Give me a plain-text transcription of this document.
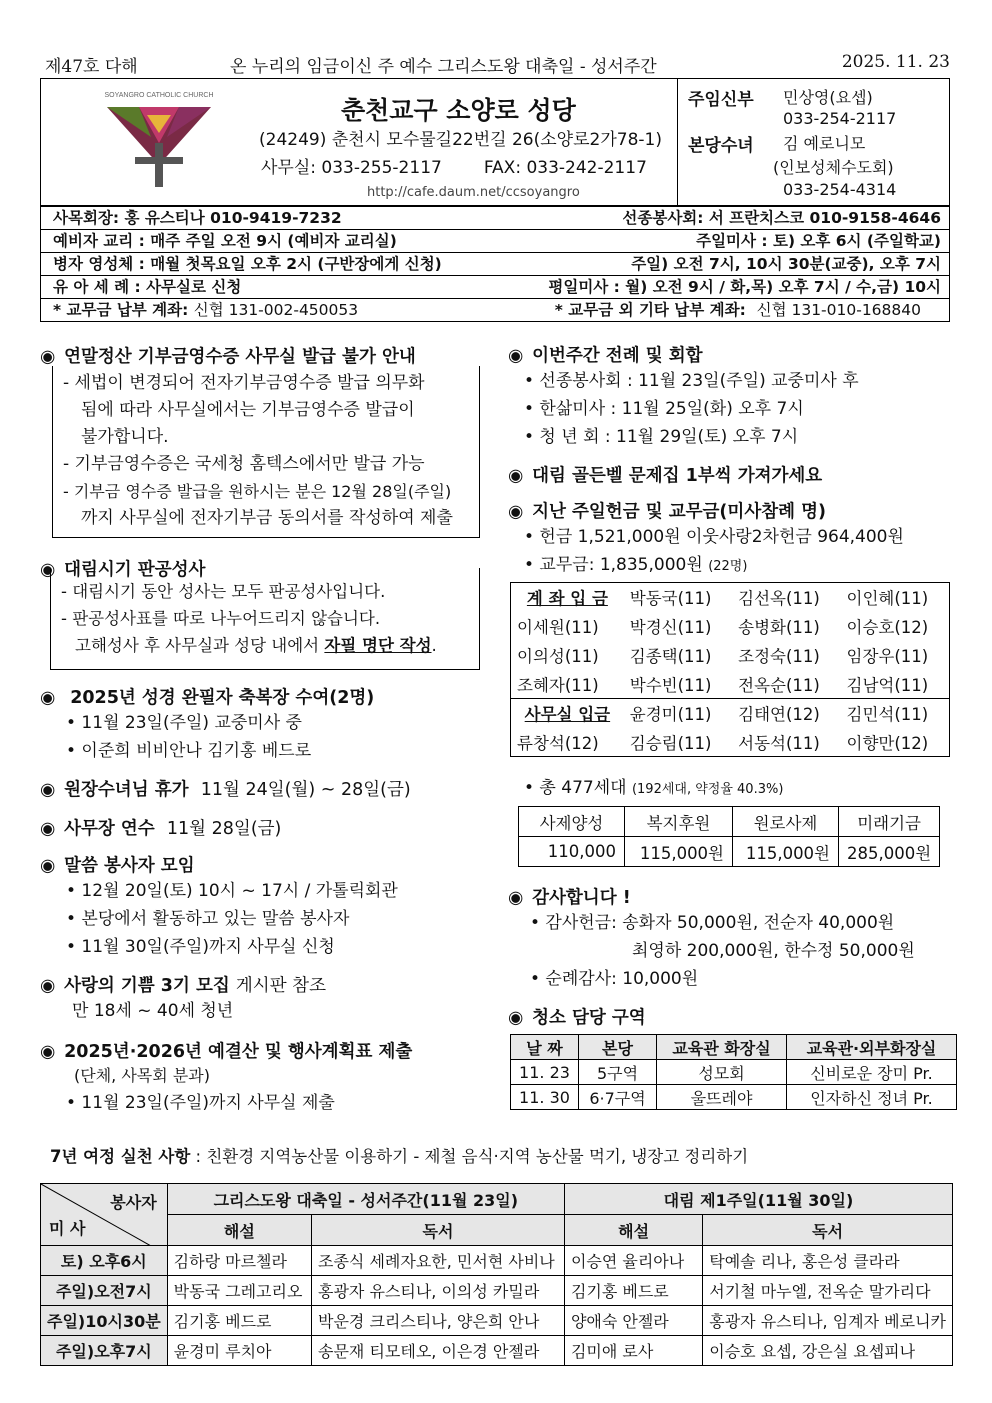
제47호 다해	온 누리의 임금이신 주 예수 그리스도왕 대축일 - 성서주간	2025. 11. 23
SOYANGRO CATHOLIC CHURCH
춘천교구 소양로 성당
(24249) 춘천시 모수물길22번길 26(소양로2가78-1)
사무실: 033-255-2117 FAX: 033-242-2117
http://cafe.daum.net/ccsoyangro
주임신부 민상영(요셉)
033-254-2117
본당수녀 김 예로니모
(인보성체수도회)
033-254-4314
사목회장: 홍 유스티나 010-9419-7232	선종봉사회: 서 프란치스코 010-9158-4646
예비자 교리 : 매주 주일 오전 9시 (예비자 교리실)	주일미사 : 토) 오후 6시 (주일학교)
병자 영성체 : 매월 첫목요일 오후 2시 (구반장에게 신청)	주일) 오전 7시, 10시 30분(교중), 오후 7시
유 아 세 례 : 사무실로 신청	평일미사 : 월) 오전 9시 / 화,목) 오후 7시 / 수,금) 10시
* 교무금 납부 계좌: 신협 131-002-450053	* 교무금 외 기타 납부 계좌: 신협 131-010-168840
◉ 연말정산 기부금영수증 사무실 발급 불가 안내
- 세법이 변경되어 전자기부금영수증 발급 의무화
됨에 따라 사무실에서는 기부금영수증 발급이
불가합니다.
- 기부금영수증은 국세청 홈텍스에서만 발급 가능
- 기부금 영수증 발급을 원하시는 분은 12월 28일(주일)
까지 사무실에 전자기부금 동의서를 작성하여 제출
◉ 대림시기 판공성사
- 대림시기 동안 성사는 모두 판공성사입니다.
- 판공성사표를 따로 나누어드리지 않습니다.
고해성사 후 사무실과 성당 내에서 자필 명단 작성.
◉ 2025년 성경 완필자 축복장 수여(2명)
• 11월 23일(주일) 교중미사 중
• 이준희 비비안나 김기홍 베드로
◉ 원장수녀님 휴가 11월 24일(월) ~ 28일(금)
◉ 사무장 연수 11월 28일(금)
◉ 말씀 봉사자 모임
• 12월 20일(토) 10시 ~ 17시 / 가톨릭회관
• 본당에서 활동하고 있는 말씀 봉사자
• 11월 30일(주일)까지 사무실 신청
◉ 사랑의 기쁨 3기 모집 게시판 참조
만 18세 ~ 40세 청년
◉ 2025년·2026년 예결산 및 행사계획표 제출
(단체, 사목회 분과)
• 11월 23일(주일)까지 사무실 제출
◉ 이번주간 전례 및 회합
• 선종봉사회 : 11월 23일(주일) 교중미사 후
• 한삶미사 : 11월 25일(화) 오후 7시
• 청 년 회 : 11월 29일(토) 오후 7시
◉ 대림 골든벨 문제집 1부씩 가져가세요
◉ 지난 주일헌금 및 교무금(미사참례 명)
• 헌금 1,521,000원 이웃사랑2차헌금 964,400원
• 교무금: 1,835,000원 (22명)
계 좌 입 금	박동국(11)	김선옥(11)	이인혜(11)
이세원(11)	박경신(11)	송병화(11)	이승호(12)
이의성(11)	김종택(11)	조정숙(11)	임장우(11)
조혜자(11)	박수빈(11)	전옥순(11)	김남억(11)
사무실 입금	윤경미(11)	김태연(12)	김민석(11)
류창석(12)	김승림(11)	서동석(11)	이향만(12)
• 총 477세대 (192세대, 약정율 40.3%)
사제양성	복지후원	원로사제	미래기금
110,000	115,000원	115,000원	285,000원
◉ 감사합니다 !
• 감사헌금: 송화자 50,000원, 전순자 40,000원
최영하 200,000원, 한수정 50,000원
• 순례감사: 10,000원
◉ 청소 담당 구역
날 짜	본당	교육관 화장실	교육관·외부화장실
11. 23	5구역	성모회	신비로운 장미 Pr.
11. 30	6·7구역	울뜨레야	인자하신 정녀 Pr.
7년 여정 실천 사항 : 친환경 지역농산물 이용하기 - 제철 음식·지역 농산물 먹기, 냉장고 정리하기
봉사자
미 사	그리스도왕 대축일 - 성서주간(11월 23일)		대림 제1주일(11월 30일)	
	해설	독서	해설	독서
토) 오후6시	김하랑 마르첼라	조종식 세례자요한, 민서현 사비나	이승연 율리아나	탁예솔 리나, 홍은성 클라라
주일)오전7시	박동국 그레고리오	홍광자 유스티나, 이의성 카밀라	김기홍 베드로	서기철 마누엘, 전옥순 말가리다
주일)10시30분	김기홍 베드로	박운경 크리스티나, 양은희 안나	양애숙 안젤라	홍광자 유스티나, 임계자 베로니카
주일)오후7시	윤경미 루치아	송문재 티모테오, 이은경 안젤라	김미애 로사	이승호 요셉, 강은실 요셉피나
